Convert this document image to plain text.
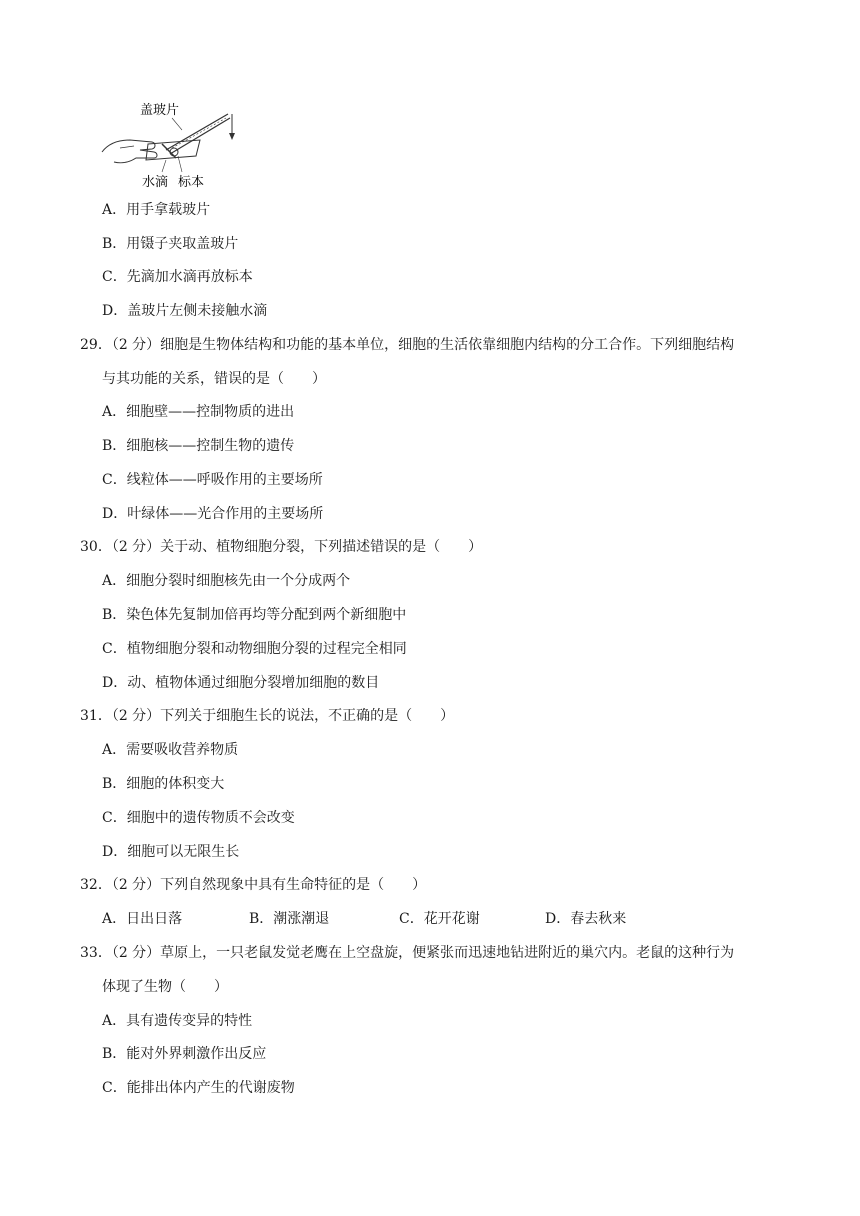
盖玻片
水滴 标本
A．用手拿载玻片
B．用镊子夹取盖玻片
C．先滴加水滴再放标本
D．盖玻片左侧未接触水滴
29．（2 分）细胞是生物体结构和功能的基本单位，细胞的生活依靠细胞内结构的分工合作。下列细胞结构
与其功能的关系，错误的是（　　）
A．细胞壁——控制物质的进出
B．细胞核——控制生物的遗传
C．线粒体——呼吸作用的主要场所
D．叶绿体——光合作用的主要场所
30．（2 分）关于动、植物细胞分裂，下列描述错误的是（　　）
A．细胞分裂时细胞核先由一个分成两个
B．染色体先复制加倍再均等分配到两个新细胞中
C．植物细胞分裂和动物细胞分裂的过程完全相同
D．动、植物体通过细胞分裂增加细胞的数目
31．（2 分）下列关于细胞生长的说法，不正确的是（　　）
A．需要吸收营养物质
B．细胞的体积变大
C．细胞中的遗传物质不会改变
D．细胞可以无限生长
32．（2 分）下列自然现象中具有生命特征的是（　　）
A．日出日落	B．潮涨潮退	C．花开花谢	D．春去秋来
33．（2 分）草原上，一只老鼠发觉老鹰在上空盘旋，便紧张而迅速地钻进附近的巢穴内。老鼠的这种行为
体现了生物（　　）
A．具有遗传变异的特性
B．能对外界刺激作出反应
C．能排出体内产生的代谢废物
